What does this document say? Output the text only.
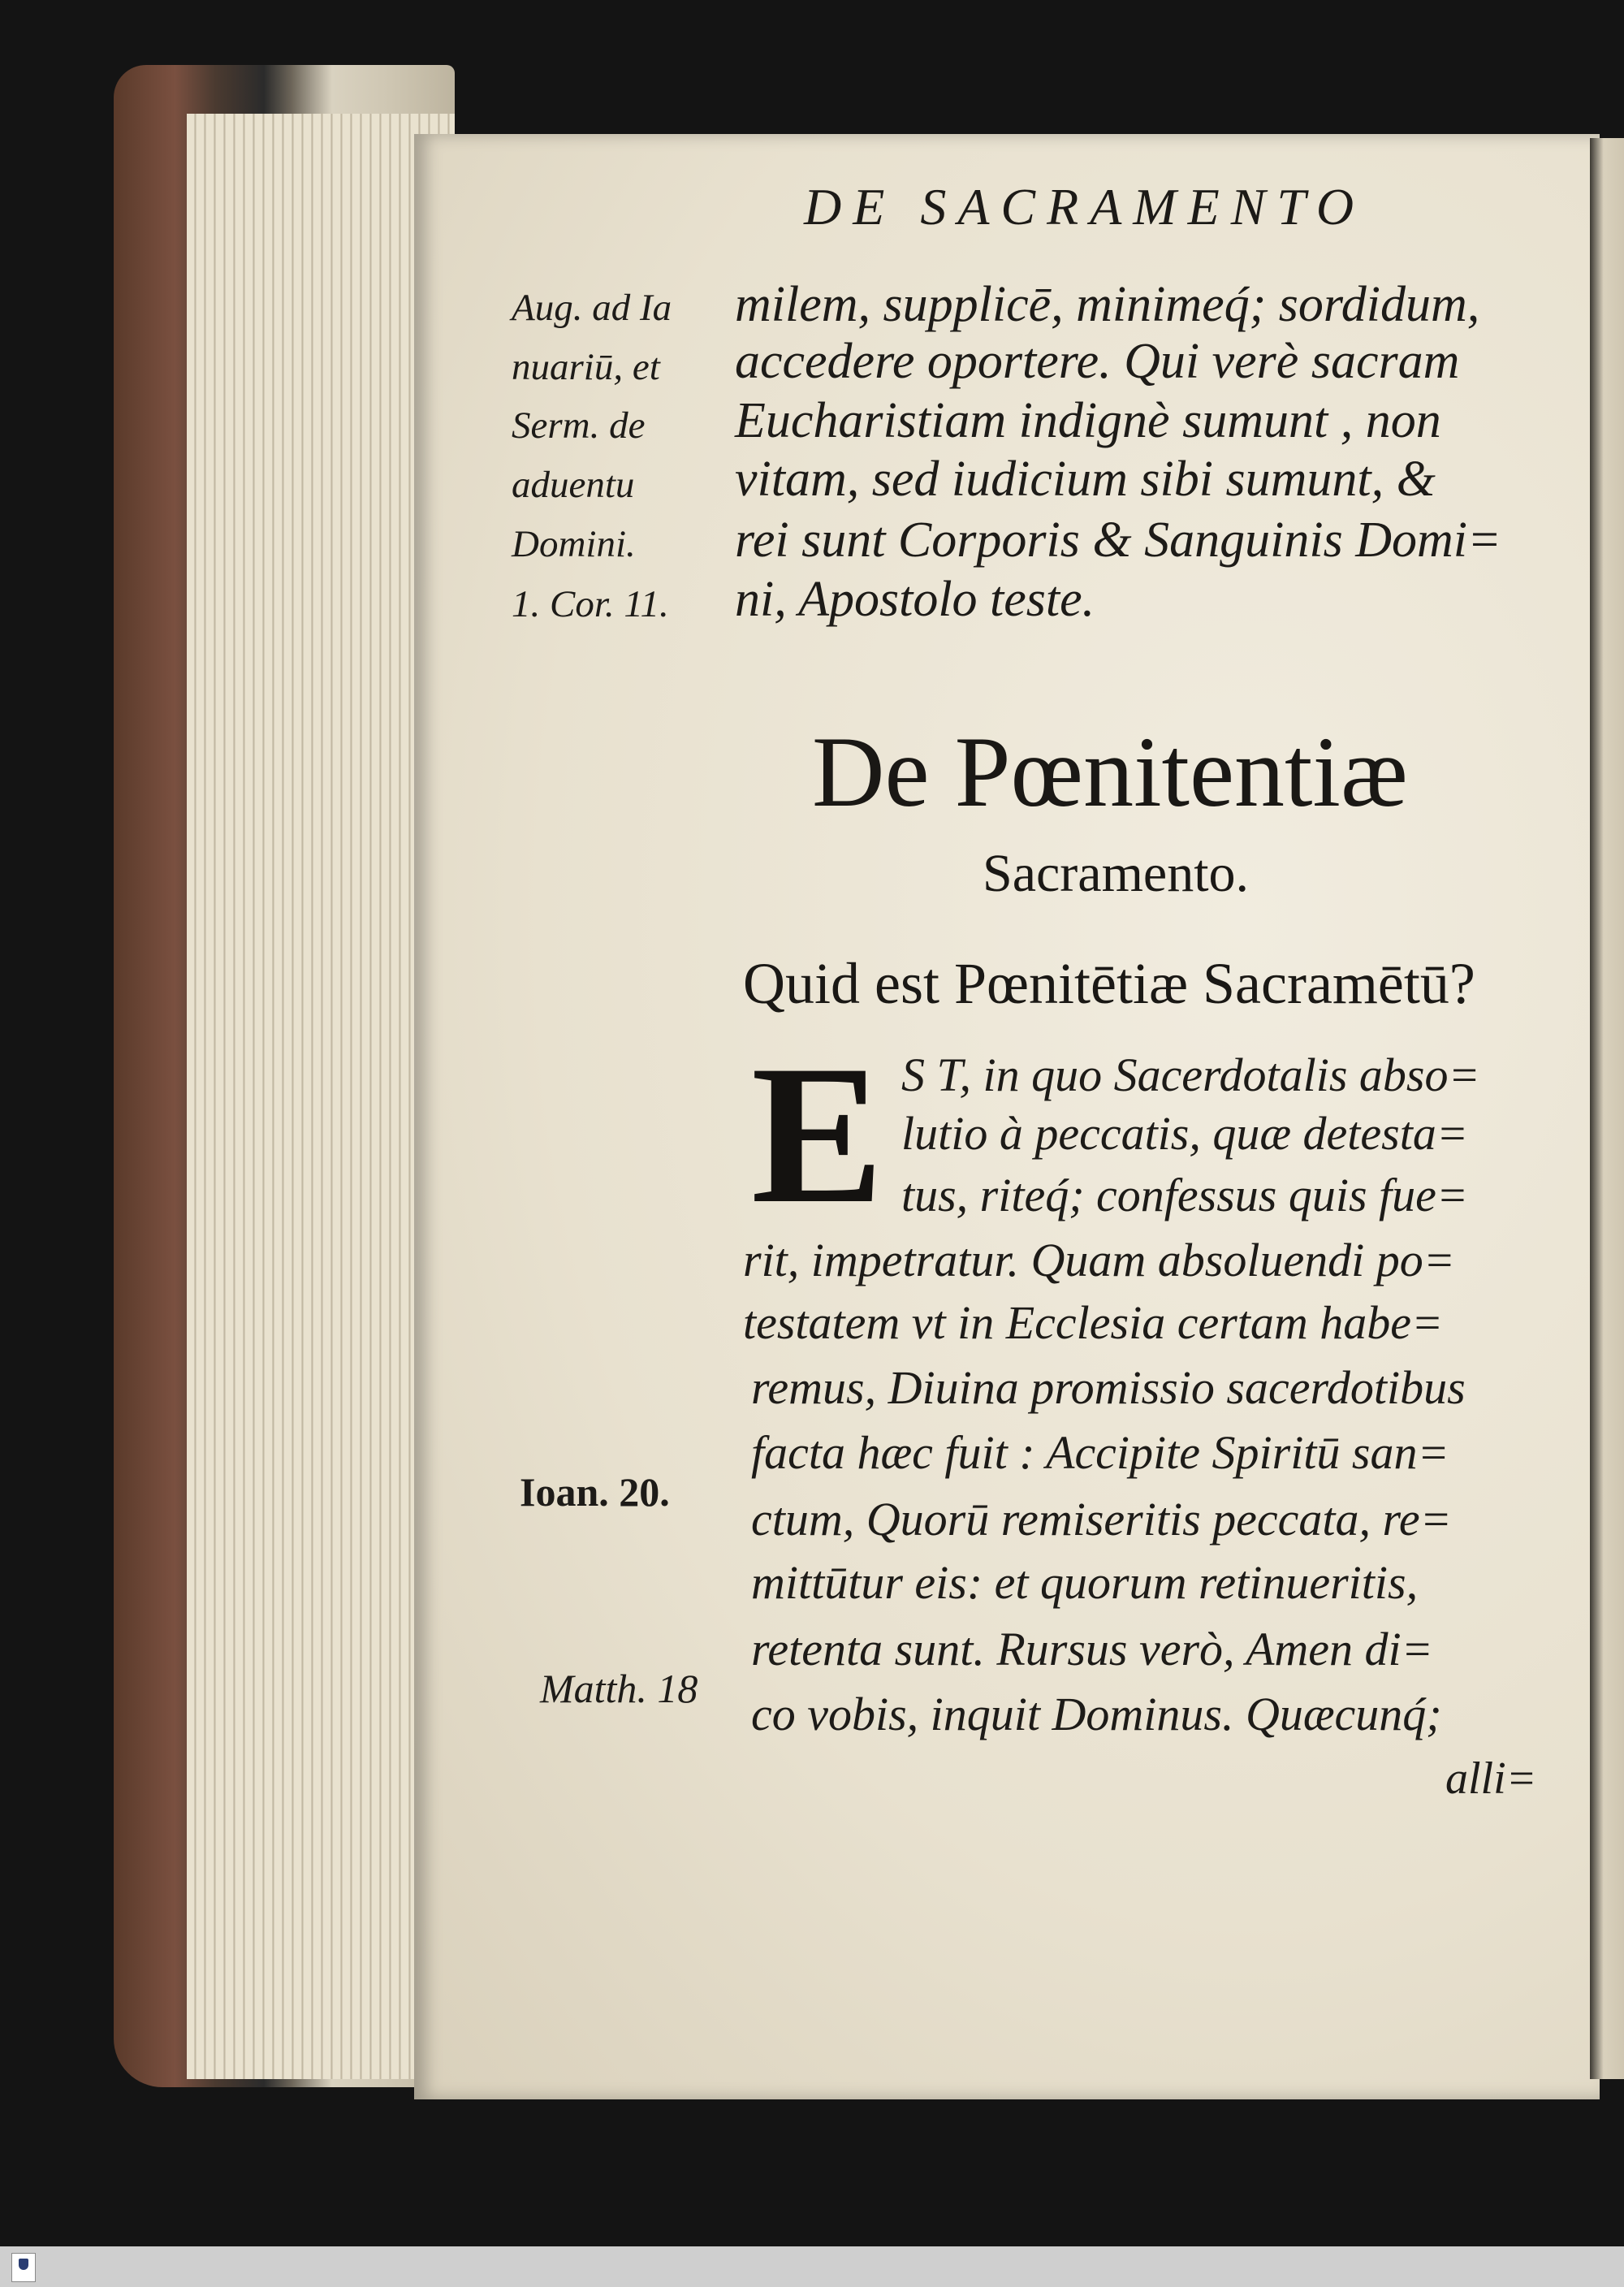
DE SACRAMENTO
milem, supplicē, minimeq́; sordidum,
accedere oportere. Qui verè sacram
Eucharistiam indignè sumunt , non
vitam, sed iudicium sibi sumunt, &
rei sunt Corporis & Sanguinis Domi=
ni, Apostolo teste.
Aug. ad Ia
nuariū, et
Serm. de
aduentu
Domini.
1. Cor. 11.
De Pœnitentiæ
Sacramento.
Quid est Pœnitētiæ Sacramētū?
E S T, in quo Sacerdotalis abso=
lutio à peccatis, quæ detesta=
tus, riteq́; confessus quis fue=
rit, impetratur. Quam absoluendi po=
testatem vt in Ecclesia certam habe=
remus, Diuina promissio sacerdotibus
facta hæc fuit : Accipite Spiritū san=
ctum, Quorū remiseritis peccata, re=
mittūtur eis: et quorum retinueritis,
retenta sunt. Rursus verò, Amen di=
co vobis, inquit Dominus. Quæcunq́;
alli=
Ioan. 20.
Matth. 18
